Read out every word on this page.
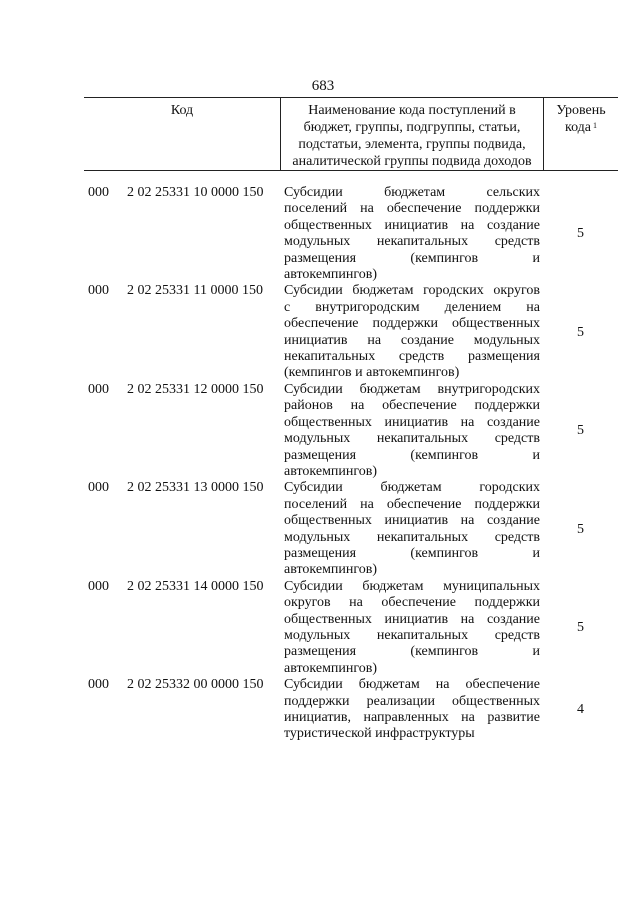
683
Код	Наименование кода поступлений в
бюджет, группы, подгруппы, статьи,
подстатьи, элемента, группы подвида,
аналитической группы подвида доходов
Уровень
кода $^1$
000 2 02 25331 10 0000 150 Субсидии бюджетам сельских
поселений на обеспечение поддержки
общественных инициатив на создание
модульных некапитальных средств
размещения (кемпингов и
автокемпингов)
5
000 2 02 25331 11 0000 150 Субсидии бюджетам городских округов
с внутригородским делением на
обеспечение поддержки общественных
инициатив на создание модульных
некапитальных средств размещения
(кемпингов и автокемпингов)
5
000 2 02 25331 12 0000 150 Субсидии бюджетам внутригородских
районов на обеспечение поддержки
общественных инициатив на создание
модульных некапитальных средств
размещения (кемпингов и
автокемпингов)
5
000 2 02 25331 13 0000 150 Субсидии бюджетам городских
поселений на обеспечение поддержки
общественных инициатив на создание
модульных некапитальных средств
размещения (кемпингов и
автокемпингов)
5
000 2 02 25331 14 0000 150 Субсидии бюджетам муниципальных
округов на обеспечение поддержки
общественных инициатив на создание
модульных некапитальных средств
размещения (кемпингов и
автокемпингов)
5
000 2 02 25332 00 0000 150 Субсидии бюджетам на обеспечение
поддержки реализации общественных
инициатив, направленных на развитие
туристической инфраструктуры
4
